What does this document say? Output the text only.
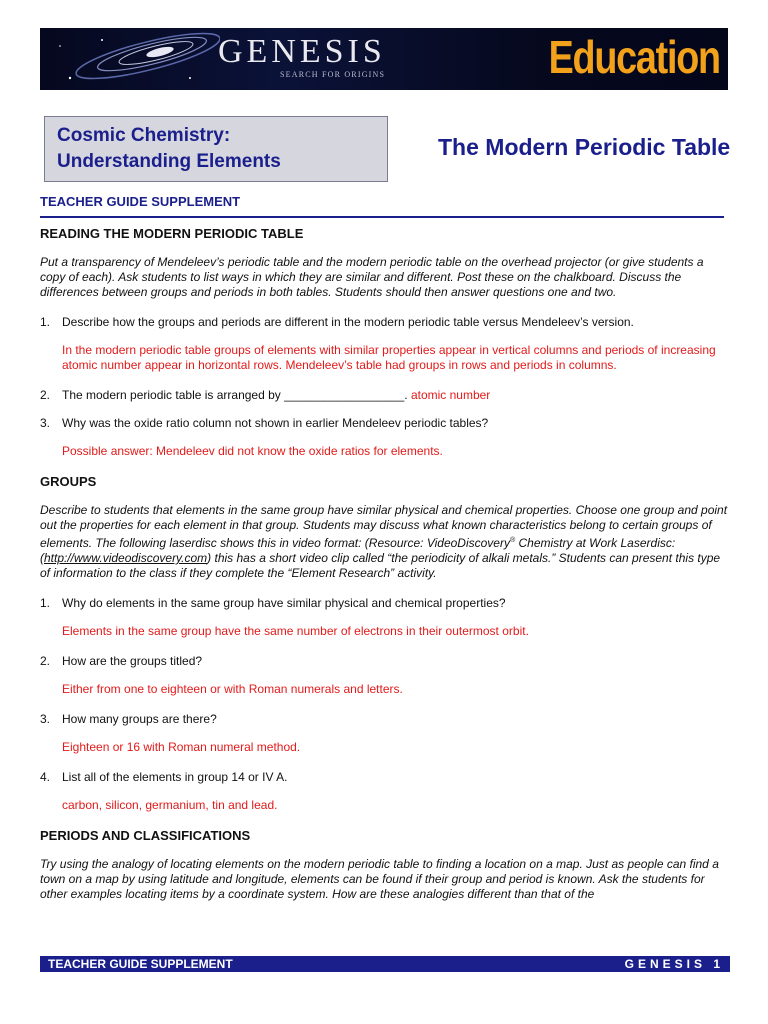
GENESIS
SEARCH FOR ORIGINS	Education
Cosmic Chemistry:
Understanding Elements
The Modern Periodic Table
TEACHER GUIDE SUPPLEMENT
READING THE MODERN PERIODIC TABLE

Put a transparency of Mendeleev’s periodic table and the modern periodic table on the overhead projector (or give students a copy of each). Ask students to list ways in which they are similar and different. Post these on the chalkboard. Discuss the differences between groups and periods in both tables. Students should then answer questions one and two.

1. Describe how the groups and periods are different in the modern periodic table versus Mendeleev’s version.

In the modern periodic table groups of elements with similar properties appear in vertical columns and periods of increasing atomic number appear in horizontal rows. Mendeleev’s table had groups in rows and periods in columns.

2. The modern periodic table is arranged by __________________. atomic number
3. Why was the oxide ratio column not shown in earlier Mendeleev periodic tables?

Possible answer: Mendeleev did not know the oxide ratios for elements.

GROUPS

Describe to students that elements in the same group have similar physical and chemical properties. Choose one group and point out the properties for each element in that group. Students may discuss what known characteristics belong to certain groups of elements. The following laserdisc shows this in video format: (Resource: VideoDiscovery® Chemistry at Work Laserdisc: (http://www.videodiscovery.com) this has a short video clip called “the periodicity of alkali metals.” Students can present this type of information to the class if they complete the “Element Research” activity.

1. Why do elements in the same group have similar physical and chemical properties?

Elements in the same group have the same number of electrons in their outermost orbit.

2. How are the groups titled?

Either from one to eighteen or with Roman numerals and letters.

3. How many groups are there?

Eighteen or 16 with Roman numeral method.

4. List all of the elements in group 14 or IV A.

carbon, silicon, germanium, tin and lead.

PERIODS AND CLASSIFICATIONS

Try using the analogy of locating elements on the modern periodic table to finding a location on a map. Just as people can find a town on a map by using latitude and longitude, elements can be found if their group and period is known. Ask the students for other examples locating items by a coordinate system. How are these analogies different than that of the

TEACHER GUIDE SUPPLEMENT	GENESIS 1
